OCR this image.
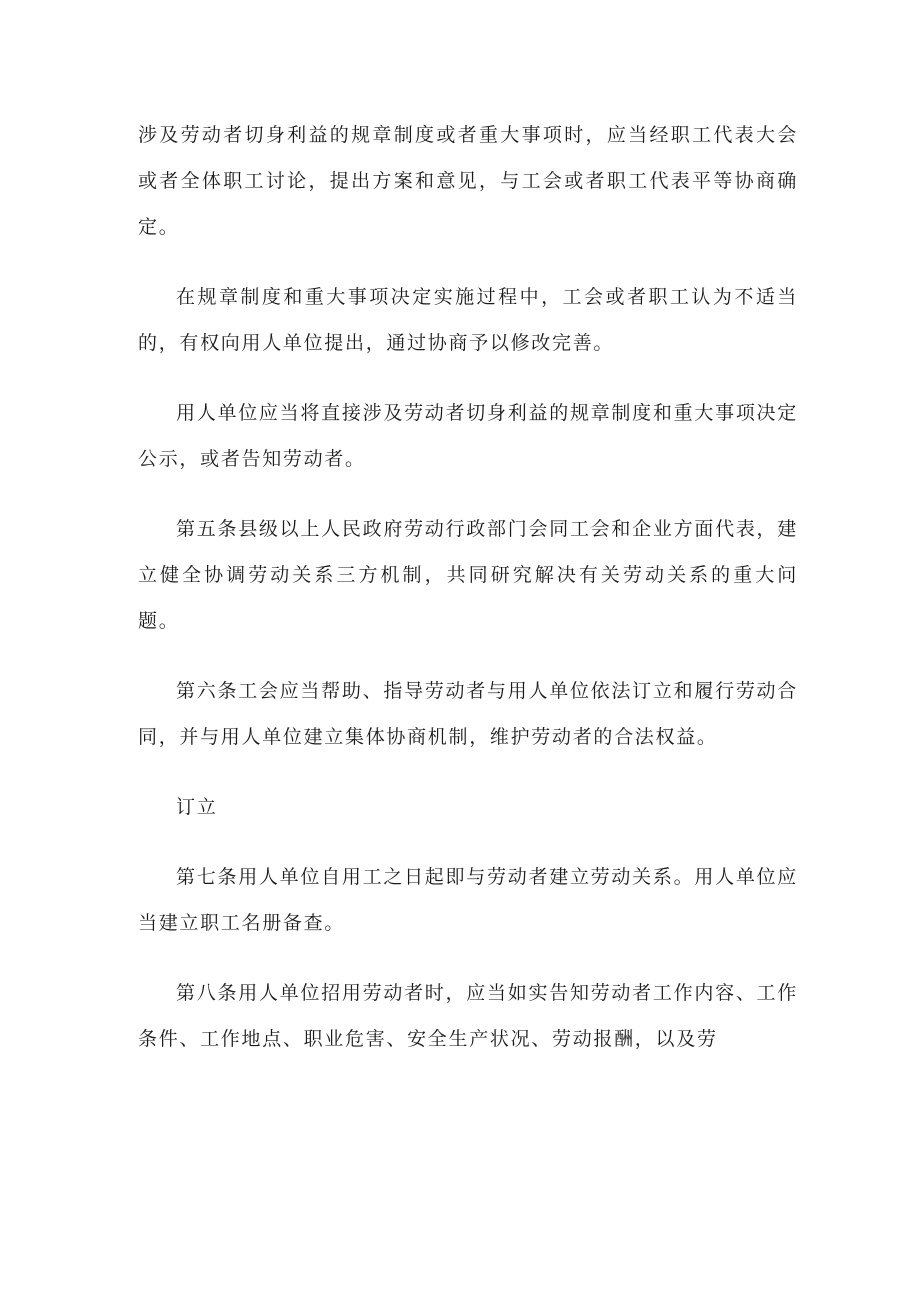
涉及劳动者切身利益的规章制度或者重大事项时，应当经职工代表大会或者全体职工讨论，提出方案和意见，与工会或者职工代表平等协商确定。

在规章制度和重大事项决定实施过程中，工会或者职工认为不适当的，有权向用人单位提出，通过协商予以修改完善。

用人单位应当将直接涉及劳动者切身利益的规章制度和重大事项决定公示，或者告知劳动者。

第五条县级以上人民政府劳动行政部门会同工会和企业方面代表，建立健全协调劳动关系三方机制，共同研究解决有关劳动关系的重大问题。

第六条工会应当帮助、指导劳动者与用人单位依法订立和履行劳动合同，并与用人单位建立集体协商机制，维护劳动者的合法权益。

订立

第七条用人单位自用工之日起即与劳动者建立劳动关系。用人单位应当建立职工名册备查。

第八条用人单位招用劳动者时，应当如实告知劳动者工作内容、工作条件、工作地点、职业危害、安全生产状况、劳动报酬，以及劳
